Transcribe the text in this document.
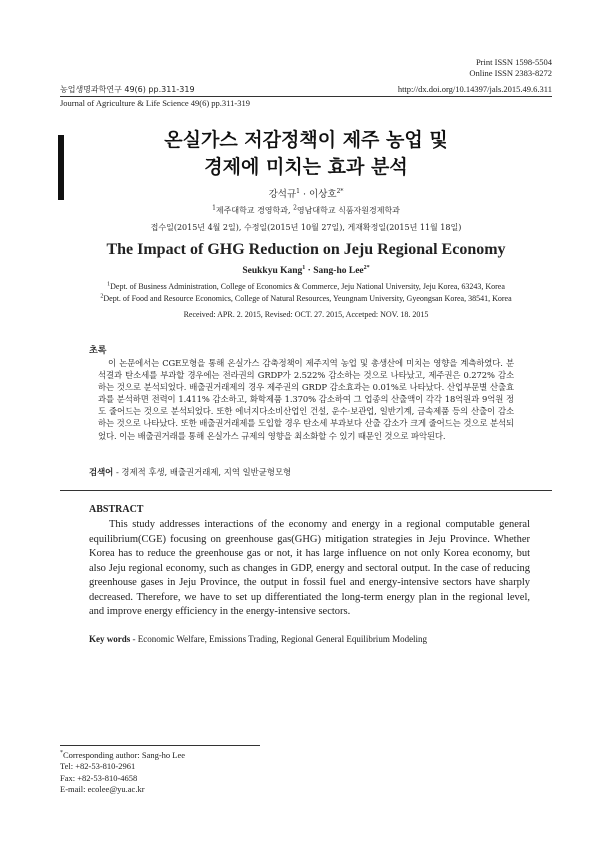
Print ISSN 1598-5504
Online ISSN 2383-8272
농업생명과학연구 49(6) pp.311-319	http://dx.doi.org/10.14397/jals.2015.49.6.311
Journal of Agriculture & Life Science 49(6) pp.311-319
온실가스 저감정책이 제주 농업 및
경제에 미치는 효과 분석
강석규$^1$ · 이상호$^{2*}$
$^1$제주대학교 경영학과, $^2$영남대학교 식품자원경제학과
접수일(2015년 4월 2일), 수정일(2015년 10월 27일), 게재확정일(2015년 11월 18일)
The Impact of GHG Reduction on Jeju Regional Economy
Seukkyu Kang$^1$ · Sang-ho Lee$^{2*}$
$^1$Dept. of Business Administration, College of Economics & Commerce, Jeju National University, Jeju Korea, 63243, Korea
$^2$Dept. of Food and Resource Economics, College of Natural Resources, Yeungnam University, Gyeongsan Korea, 38541, Korea
Received: APR. 2. 2015, Revised: OCT. 27. 2015, Accetped: NOV. 18. 2015
초록
이 논문에서는 CGE모형을 통해 온실가스 감축정책이 제주지역 농업 및 총생산에 미치는 영향을 계측하였다. 분석결과 탄소세를 부과할 경우에는 전라권의 GRDP가 2.522% 감소하는 것으로 나타났고, 제주권은 0.272% 감소하는 것으로 분석되었다. 배출권거래제의 경우 제주권의 GRDP 감소효과는 0.01%로 나타났다. 산업부문별 산출효과를 분석하면 전력이 1.411% 감소하고, 화학제품 1.370% 감소하여 그 업종의 산출액이 각각 18억원과 9억원 정도 줄어드는 것으로 분석되었다. 또한 에너지다소비산업인 건설, 운수·보관업, 일반기계, 금속제품 등의 산출이 감소하는 것으로 나타났다. 또한 배출권거래제를 도입할 경우 탄소세 부과보다 산출 감소가 크게 줄어드는 것으로 분석되었다. 이는 배출권거래를 통해 온실가스 규제의 영향을 최소화할 수 있기 때문인 것으로 파악된다.
검색어 - 경제적 후생, 배출권거래제, 지역 일반균형모형
ABSTRACT
This study addresses interactions of the economy and energy in a regional computable general equilibrium(CGE) focusing on greenhouse gas(GHG) mitigation strategies in Jeju Province. Whether Korea has to reduce the greenhouse gas or not, it has large influence on not only Korea economy, but also Jeju regional economy, such as changes in GDP, energy and sectoral output. In the case of reducing greenhouse gases in Jeju Province, the output in fossil fuel and energy-intensive sectors have sharply decreased. Therefore, we have to set up differentiated the long-term energy plan in the regional level, and improve energy efficiency in the energy-intensive sectors.
Key words - Economic Welfare, Emissions Trading, Regional General Equilibrium Modeling
*Corresponding author: Sang-ho Lee
Tel: +82-53-810-2961
Fax: +82-53-810-4658
E-mail: ecolee@yu.ac.kr
